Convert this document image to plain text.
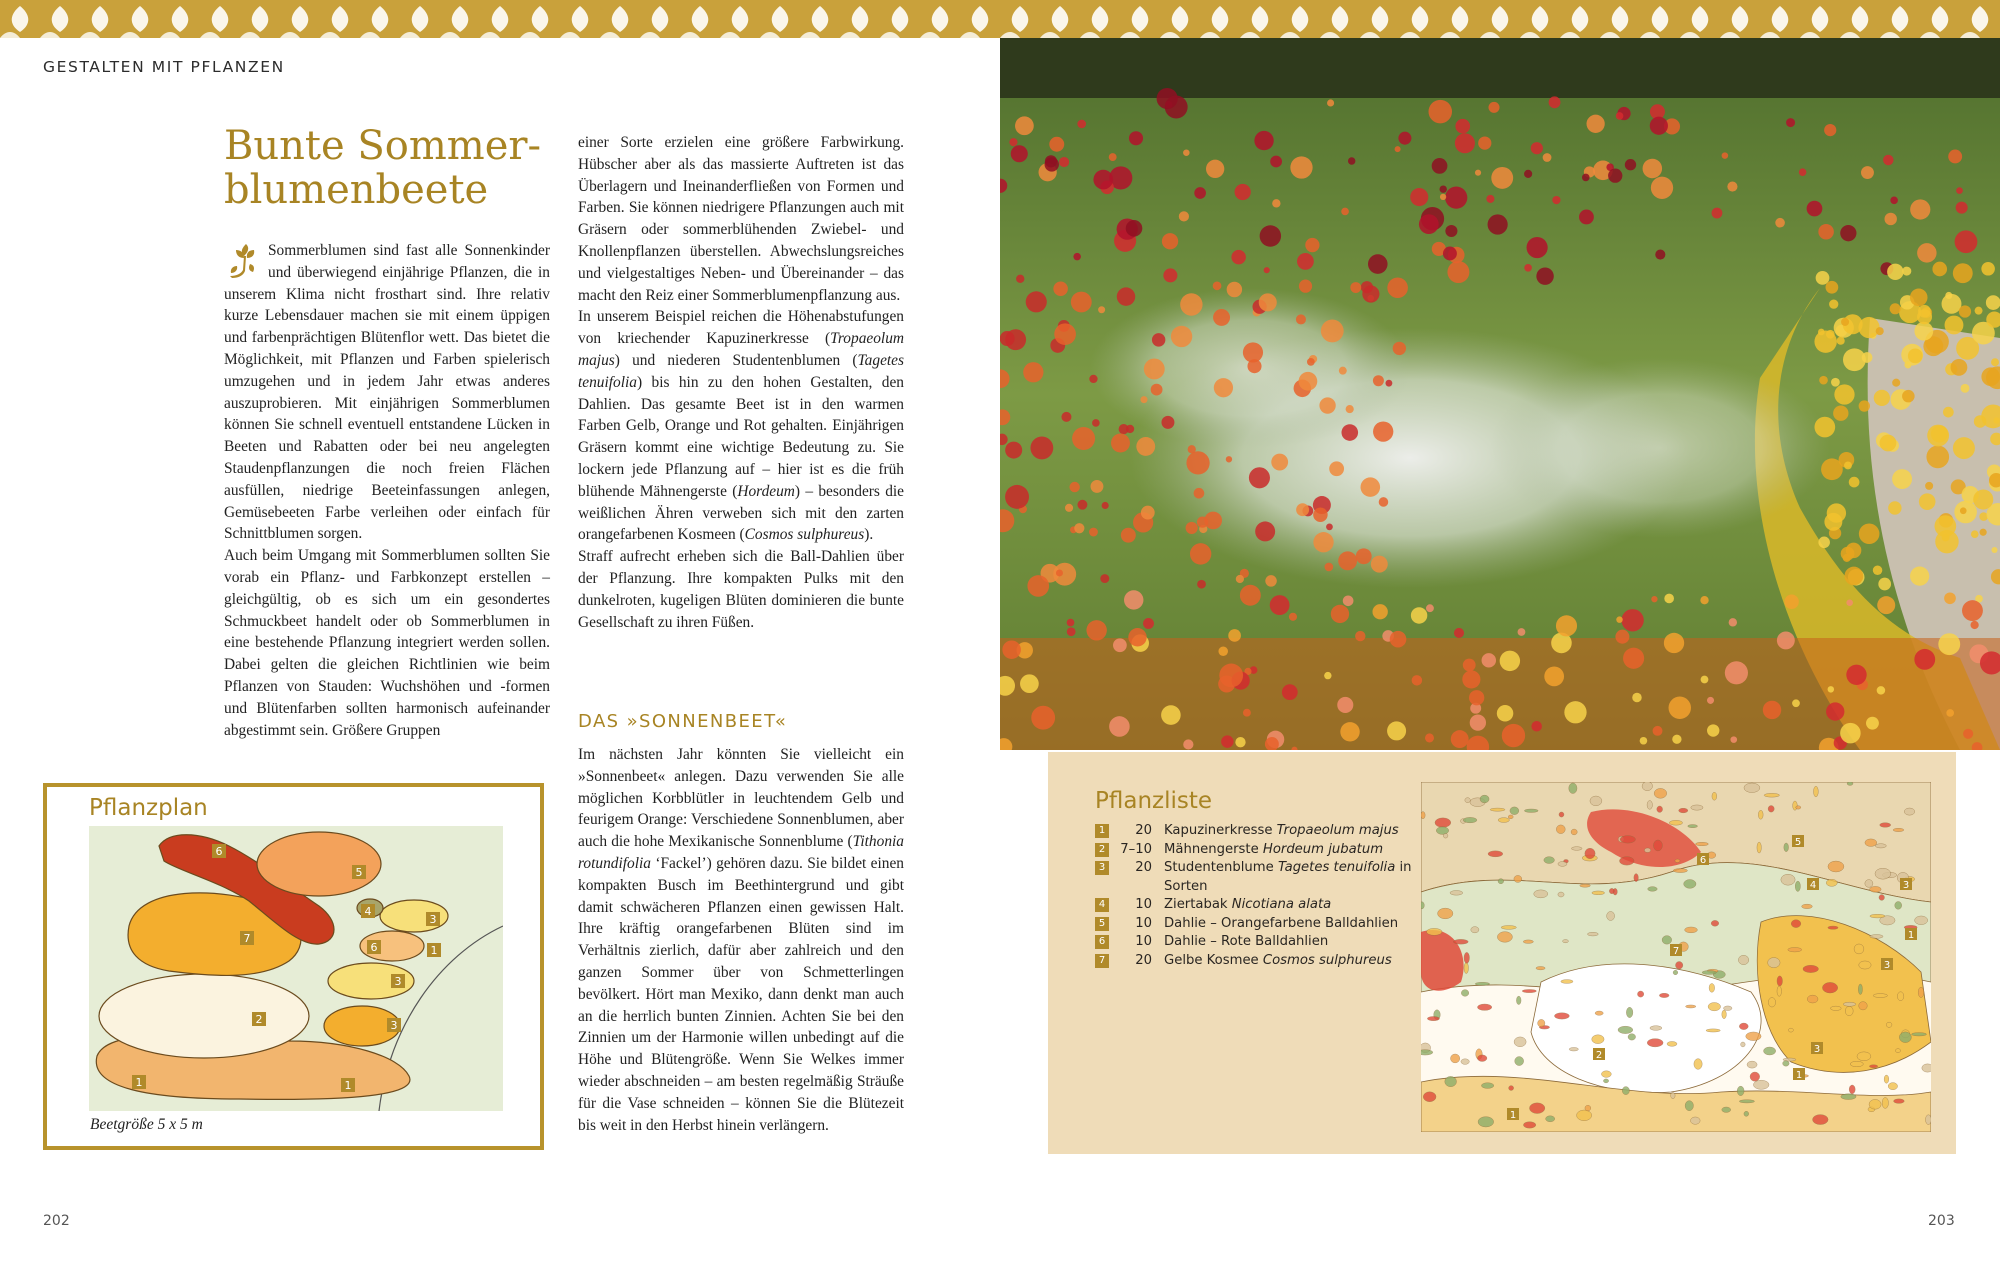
GESTALTEN MIT PFLANZEN
Bunte Sommer-
blumenbeete

Sommerblumen sind fast alle Sonnenkinder und überwiegend einjährige Pflanzen, die in unserem Klima nicht frosthart sind. Ihre relativ kurze Lebensdauer machen sie mit einem üppigen und farbenprächtigen Blütenflor wett. Das bietet die Möglichkeit, mit Pflanzen und Farben spielerisch umzugehen und in jedem Jahr etwas anderes auszuprobieren. Mit einjährigen Sommerblumen können Sie schnell eventuell entstandene Lücken in Beeten und Rabatten oder bei neu angelegten Staudenpflanzungen die noch freien Flächen ausfüllen, niedrige Beeteinfassungen anlegen, Gemüsebeeten Farbe verleihen oder einfach für Schnittblumen sorgen.

Auch beim Umgang mit Sommerblumen sollten Sie vorab ein Pflanz- und Farbkonzept erstellen – gleichgültig, ob es sich um ein gesondertes Schmuckbeet handelt oder ob Sommerblumen in eine bestehende Pflanzung integriert werden sollen. Dabei gelten die gleichen Richtlinien wie beim Pflanzen von Stauden: Wuchshöhen und -formen und Blütenfarben sollten harmonisch aufeinander abgestimmt sein. Größere Gruppen

einer Sorte erzielen eine größere Farbwirkung. Hübscher aber als das massierte Auftreten ist das Überlagern und Ineinanderfließen von Formen und Farben. Sie können niedrigere Pflanzungen auch mit Gräsern oder sommerblühenden Zwiebel- und Knollenpflanzen überstellen. Abwechslungsreiches und vielgestaltiges Neben- und Übereinander – das macht den Reiz einer Sommerblumenpflanzung aus.

In unserem Beispiel reichen die Höhenabstufungen von kriechender Kapuzinerkresse (Tropaeolum majus) und niederen Studentenblumen (Tagetes tenuifolia) bis hin zu den hohen Gestalten, den Dahlien. Das gesamte Beet ist in den warmen Farben Gelb, Orange und Rot gehalten. Einjährigen Gräsern kommt eine wichtige Bedeutung zu. Sie lockern jede Pflanzung auf – hier ist es die früh blühende Mähnengerste (Hordeum) – besonders die weißlichen Ähren verweben sich mit den zarten orangefarbenen Kosmeen (Cosmos sulphureus).

Straff aufrecht erheben sich die Ball-Dahlien über der Pflanzung. Ihre kompakten Pulks mit den dunkelroten, kugeligen Blüten dominieren die bunte Gesellschaft zu ihren Füßen.

DAS »SONNENBEET«

Im nächsten Jahr könnten Sie vielleicht ein »Sonnenbeet« anlegen. Dazu verwenden Sie alle möglichen Korbblütler in leuchtendem Gelb und feurigem Orange: Verschiedene Sonnenblumen, aber auch die hohe Mexikanische Sonnenblume (Tithonia rotundifolia ‘Fackel’) gehören dazu. Sie bildet einen kompakten Busch im Beethintergrund und gibt damit schwächeren Pflanzen einen gewissen Halt. Ihre kräftig orangefarbenen Blüten sind im Verhältnis zierlich, dafür aber zahlreich und den ganzen Sommer über von Schmetterlingen bevölkert. Hört man Mexiko, dann denkt man auch an die herrlich bunten Zinnien. Achten Sie bei den Zinnien um der Harmonie willen unbedingt auf die Höhe und Blütengröße. Wenn Sie Welkes immer wieder abschneiden – am besten regelmäßig Sträuße für die Vase schneiden – können Sie die Blütezeit bis weit in den Herbst hinein verlängern.

Pflanzplan
6
5
7
4
3
6	1
3
2	3
1	1
Beetgröße 5 x 5 m
Pflanzliste
1	20 Kapuzinerkresse Tropaeolum majus
2	7–10 Mähnengerste Hordeum jubatum
3	20 Studentenblume Tagetes tenuifolia in Sorten
4	10 Ziertabak Nicotiana alata
5	10 Dahlie – Orangefarbene Balldahlien
6	10 Dahlie – Rote Balldahlien
7	20 Gelbe Kosmee Cosmos sulphureus
6
5
4	3
7
1
3
2
3
1
1
202	203
